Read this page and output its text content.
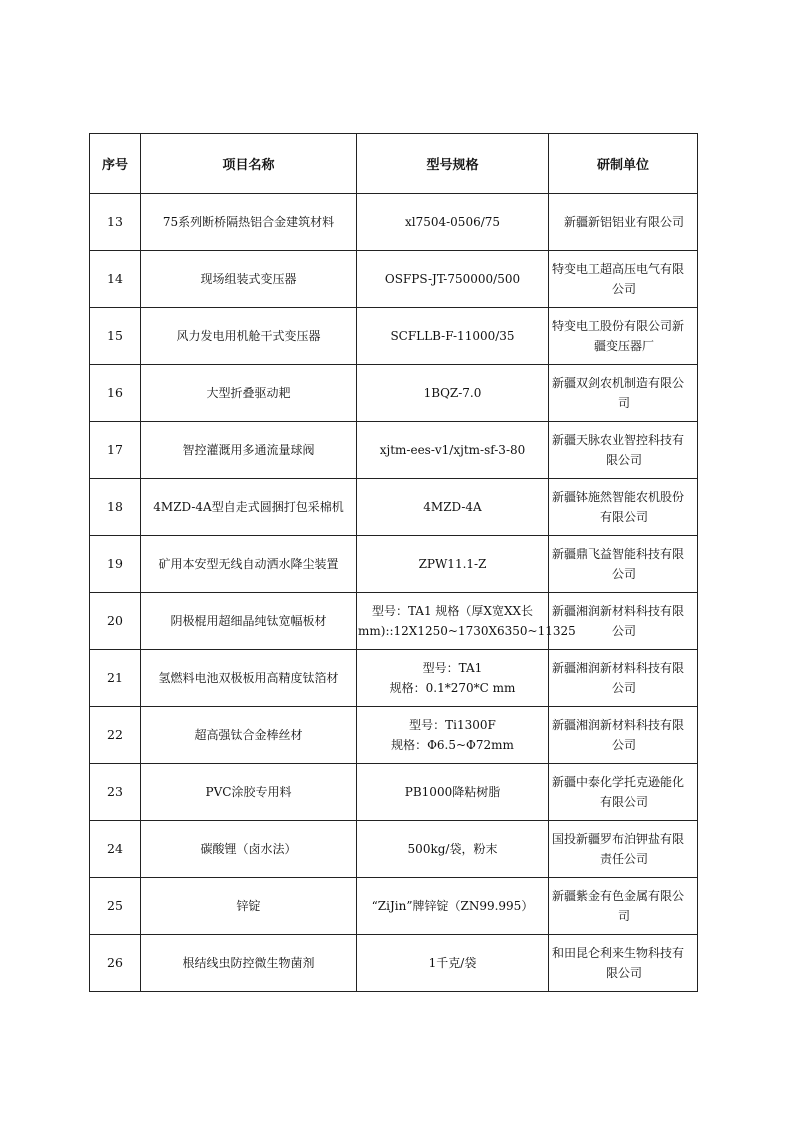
序号	项目名称	型号规格	研制单位
13	75系列断桥隔热铝合金建筑材料	xl7504-0506/75	新疆新铝铝业有限公司

14	现场组装式变压器	OSFPS-JT-750000/500	特变电工超高压电气有限
公司

15	风力发电用机舱干式变压器	SCFLLB-F-11000/35	特变电工股份有限公司新
疆变压器厂

16	大型折叠驱动耙	1BQZ-7.0	新疆双剑农机制造有限公
司

17	智控灌溉用多通流量球阀	xjtm-ees-v1/xjtm-sf-3-80	新疆天脉农业智控科技有
限公司

18	4MZD-4A型自走式圆捆打包采棉机	4MZD-4A	新疆钵施然智能农机股份
有限公司

19	矿用本安型无线自动洒水降尘装置	ZPW11.1-Z	新疆鼎飞益智能科技有限
公司

20	阴极棍用超细晶纯钛宽幅板材	型号：TA1 规格（厚X宽XX长
mm)::12X1250~1730X6350~11325	新疆湘润新材料科技有限
公司

21	氢燃料电池双极板用高精度钛箔材	型号：TA1
规格：0.1*270*C mm	新疆湘润新材料科技有限
公司

22	超高强钛合金棒丝材	型号：Ti1300F
规格：Φ6.5~Φ72mm	新疆湘润新材料科技有限
公司

23	PVC涂胶专用料	PB1000降粘树脂	新疆中泰化学托克逊能化
有限公司

24	碳酸锂（卤水法）	500kg/袋，粉末	国投新疆罗布泊钾盐有限
责任公司

25	锌锭	“ZiJin”牌锌锭（ZN99.995）	新疆紫金有色金属有限公
司

26	根结线虫防控微生物菌剂	1千克/袋	和田昆仑利来生物科技有
限公司
